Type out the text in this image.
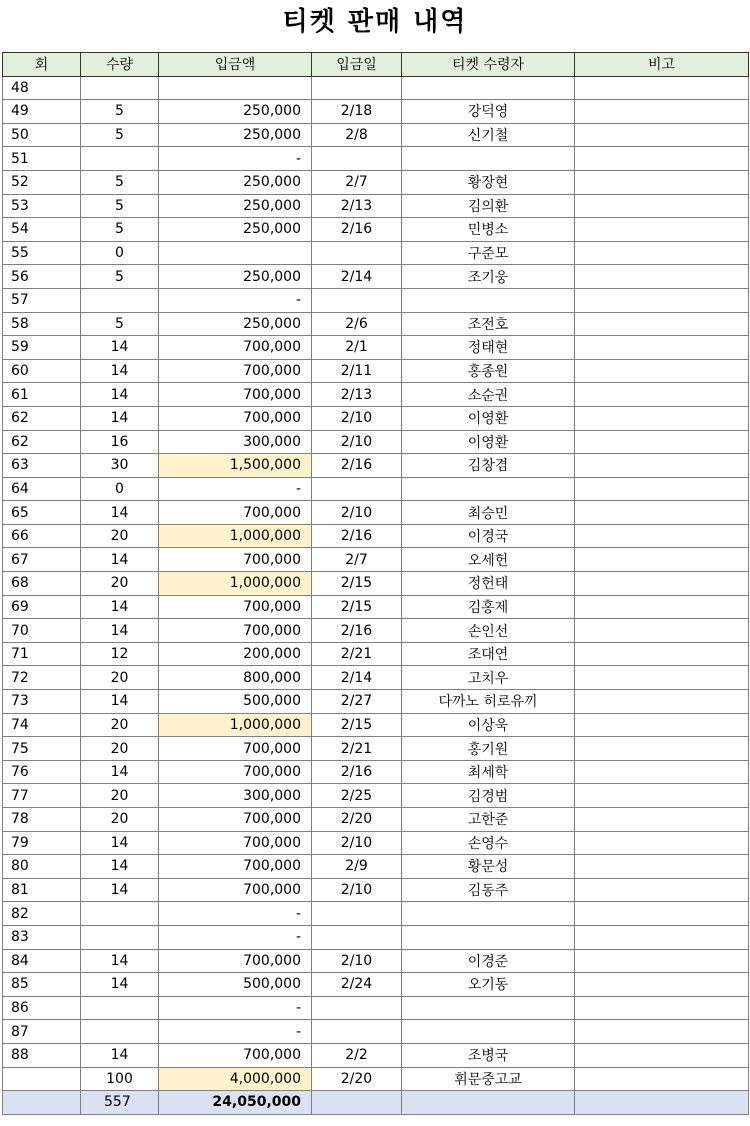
티켓 판매 내역
회	수량	입금액	입금일	티켓 수령자	비고
48					
49	5	250,000	2/18	강덕영	
50	5	250,000	2/8	신기철	
51		-			
52	5	250,000	2/7	황장현	
53	5	250,000	2/13	김의환	
54	5	250,000	2/16	민병소	
55	0			구준모	
56	5	250,000	2/14	조기웅	
57		-			
58	5	250,000	2/6	조전호	
59	14	700,000	2/1	정태현	
60	14	700,000	2/11	홍종원	
61	14	700,000	2/13	소순권	
62	14	700,000	2/10	이영환	
62	16	300,000	2/10	이영환	
63	30	1,500,000	2/16	김창겸	
64	0	-			
65	14	700,000	2/10	최승민	
66	20	1,000,000	2/16	이경국	
67	14	700,000	2/7	오세헌	
68	20	1,000,000	2/15	정헌태	
69	14	700,000	2/15	김홍제	
70	14	700,000	2/16	손인선	
71	12	200,000	2/21	조대연	
72	20	800,000	2/14	고치우	
73	14	500,000	2/27	다까노 히로유끼	
74	20	1,000,000	2/15	이상욱	
75	20	700,000	2/21	홍기원	
76	14	700,000	2/16	최세학	
77	20	300,000	2/25	김경범	
78	20	700,000	2/20	고한준	
79	14	700,000	2/10	손영수	
80	14	700,000	2/9	황문성	
81	14	700,000	2/10	김동주	
82		-			
83		-			
84	14	700,000	2/10	이경준	
85	14	500,000	2/24	오기동	
86		-			
87		-			
88	14	700,000	2/2	조병국	
	100	4,000,000	2/20	휘문중고교	
	557	24,050,000			
